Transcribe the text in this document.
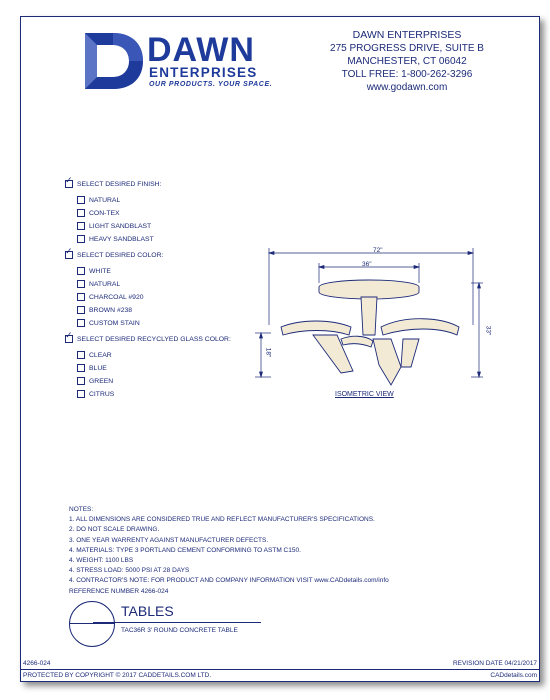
DAWN
ENTERPRISES
OUR PRODUCTS. YOUR SPACE.
DAWN ENTERPRISES
275 PROGRESS DRIVE, SUITE B
MANCHESTER, CT 06042
TOLL FREE: 1-800-262-3296
www.godawn.com
✓ SELECT DESIRED FINISH:
NATURAL
CON-TEX
LIGHT SANDBLAST
HEAVY SANDBLAST
✓ SELECT DESIRED COLOR:
WHITE
NATURAL
CHARCOAL #920
BROWN #238
CUSTOM STAIN
✓ SELECT DESIRED RECYCLYED GLASS COLOR:
CLEAR
BLUE
GREEN
CITRUS
72"
36"
33"
18"
ISOMETRIC VIEW
NOTES:
1. ALL DIMENSIONS ARE CONSIDERED TRUE AND REFLECT MANUFACTURER'S SPECIFICATIONS.
2. DO NOT SCALE DRAWING.
3. ONE YEAR WARRENTY AGAINST MANUFACTURER DEFECTS.
4. MATERIALS: TYPE 3 PORTLAND CEMENT CONFORMING TO ASTM C150.
4. WEIGHT: 1100 LBS
4. STRESS LOAD: 5000 PSI AT 28 DAYS
4. CONTRACTOR'S NOTE: FOR PRODUCT AND COMPANY INFORMATION VISIT www.CADdetails.com/info
REFERENCE NUMBER 4266-024
TABLES
TAC36R 3' ROUND CONCRETE TABLE
4266-024	REVISION DATE 04/21/2017
PROTECTED BY COPYRIGHT © 2017 CADDETAILS.COM LTD.	CADdetails.com
